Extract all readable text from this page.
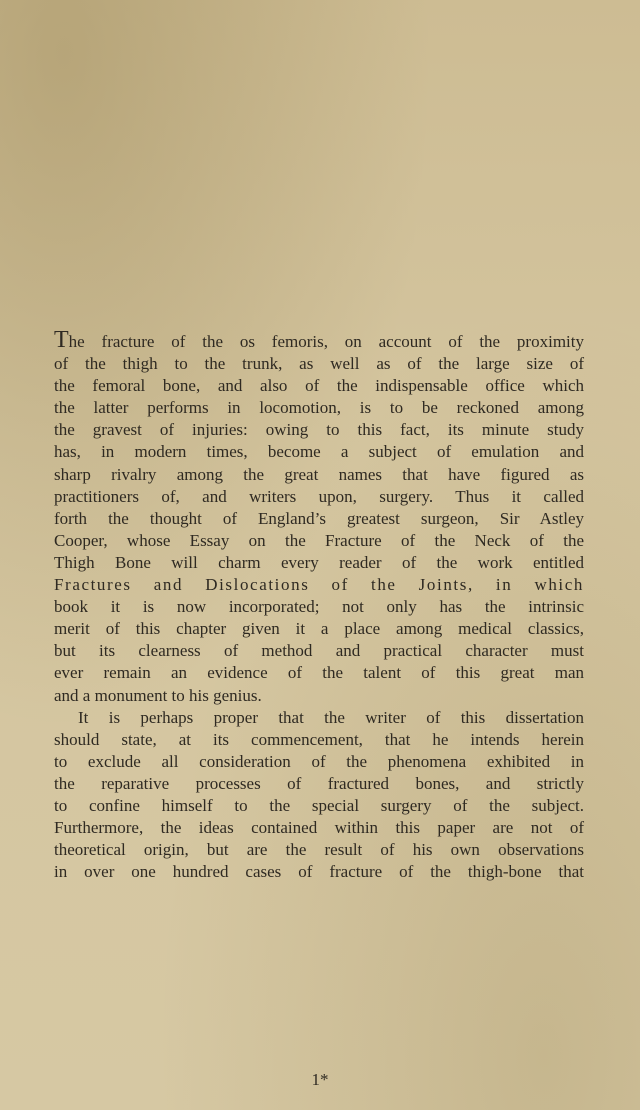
The fracture of the os femoris, on account of the proximity
of the thigh to the trunk, as well as of the large size of
the femoral bone, and also of the indispensable office which
the latter performs in locomotion, is to be reckoned among
the gravest of injuries: owing to this fact, its minute study
has, in modern times, become a subject of emulation and
sharp rivalry among the great names that have figured as
practitioners of, and writers upon, surgery. Thus it called
forth the thought of England’s greatest surgeon, Sir Astley
Cooper, whose Essay on the Fracture of the Neck of the
Thigh Bone will charm every reader of the work entitled
Fractures and Dislocations of the Joints, in which
book it is now incorporated; not only has the intrinsic
merit of this chapter given it a place among medical classics,
but its clearness of method and practical character must
ever remain an evidence of the talent of this great man
and a monument to his genius.
It is perhaps proper that the writer of this dissertation
should state, at its commencement, that he intends herein
to exclude all consideration of the phenomena exhibited in
the reparative processes of fractured bones, and strictly
to confine himself to the special surgery of the subject.
Furthermore, the ideas contained within this paper are not of
theoretical origin, but are the result of his own observations
in over one hundred cases of fracture of the thigh-bone that
1*
